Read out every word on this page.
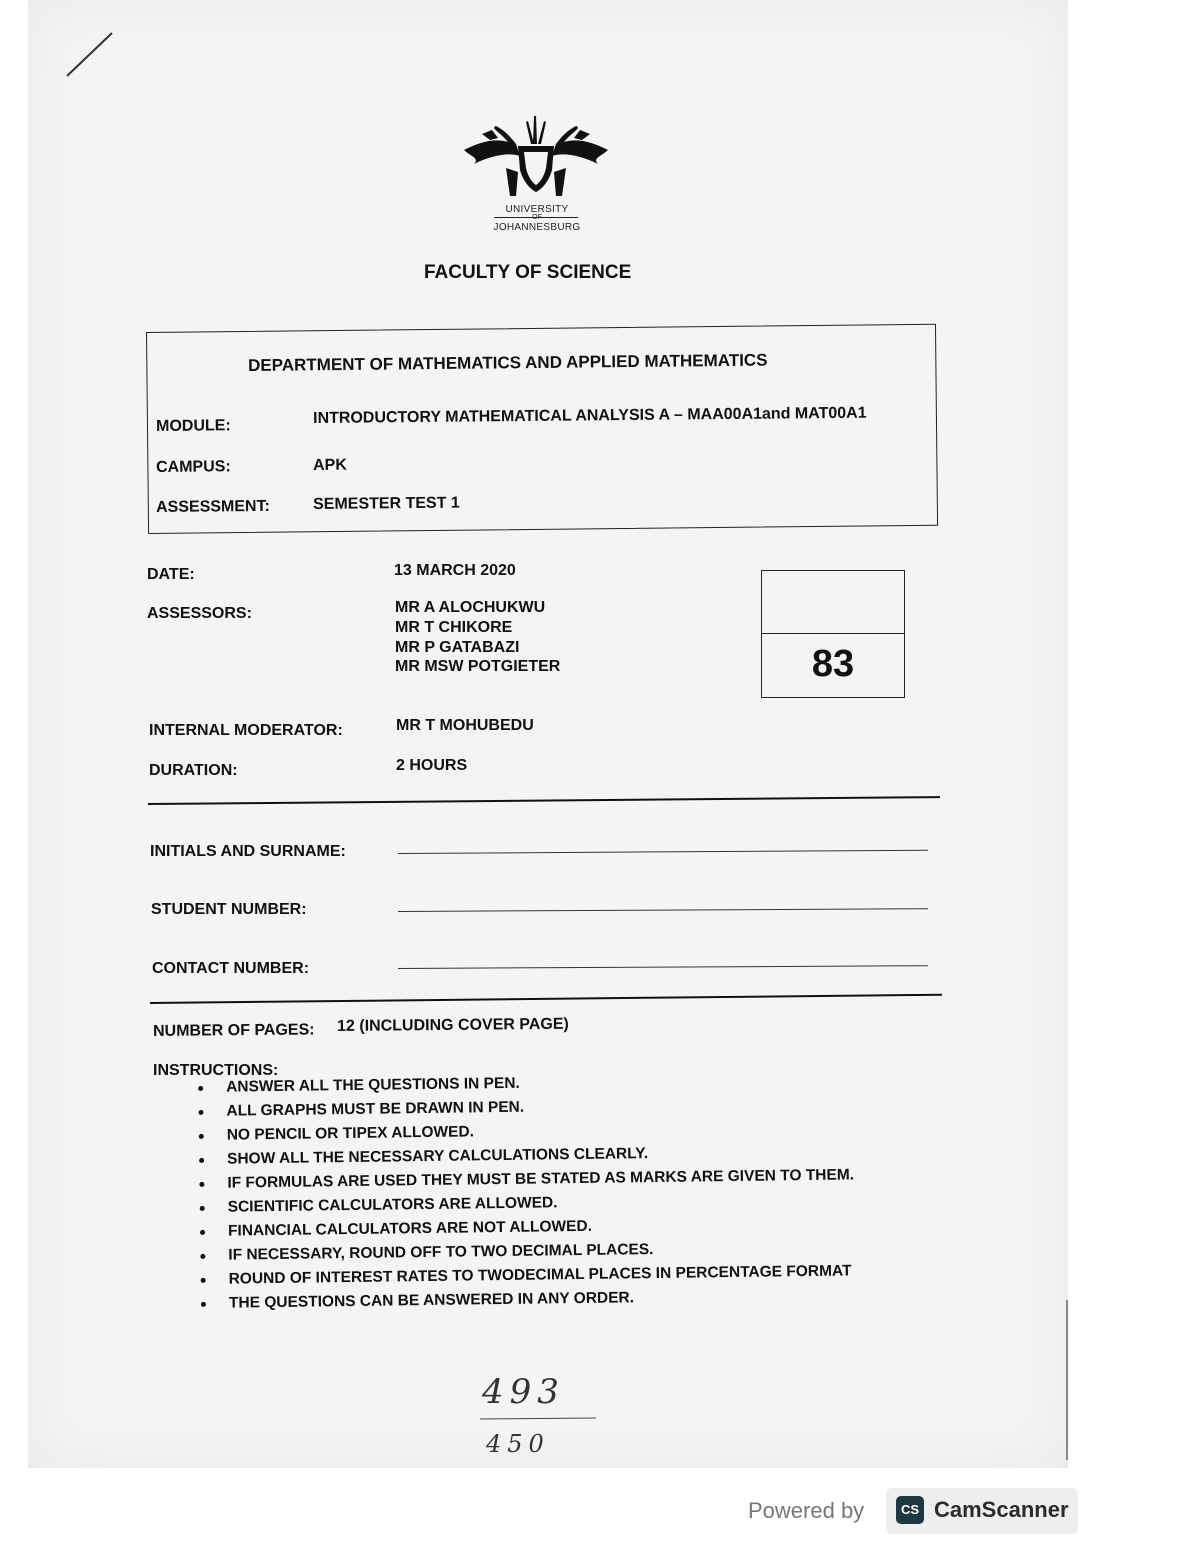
UNIVERSITY
OF
JOHANNESBURG
FACULTY OF SCIENCE
DEPARTMENT OF MATHEMATICS AND APPLIED MATHEMATICS
MODULE:	INTRODUCTORY MATHEMATICAL ANALYSIS A – MAA00A1and MAT00A1
CAMPUS:	APK
ASSESSMENT:	SEMESTER TEST 1
DATE:	13 MARCH 2020
ASSESSORS:	MR A ALOCHUKWU
MR T CHIKORE
MR P GATABAZI
MR MSW POTGIETER	83
INTERNAL MODERATOR:	MR T MOHUBEDU
DURATION:	2 HOURS
INITIALS AND SURNAME:
STUDENT NUMBER:
CONTACT NUMBER:
NUMBER OF PAGES: 12 (INCLUDING COVER PAGE)
INSTRUCTIONS:
ANSWER ALL THE QUESTIONS IN PEN.
ALL GRAPHS MUST BE DRAWN IN PEN.
NO PENCIL OR TIPEX ALLOWED.
SHOW ALL THE NECESSARY CALCULATIONS CLEARLY.
IF FORMULAS ARE USED THEY MUST BE STATED AS MARKS ARE GIVEN TO THEM.
SCIENTIFIC CALCULATORS ARE ALLOWED.
FINANCIAL CALCULATORS ARE NOT ALLOWED.
IF NECESSARY, ROUND OFF TO TWO DECIMAL PLACES.
ROUND OF INTEREST RATES TO TWODECIMAL PLACES IN PERCENTAGE FORMAT
THE QUESTIONS CAN BE ANSWERED IN ANY ORDER.
493
450
Powered by	CS CamScanner
